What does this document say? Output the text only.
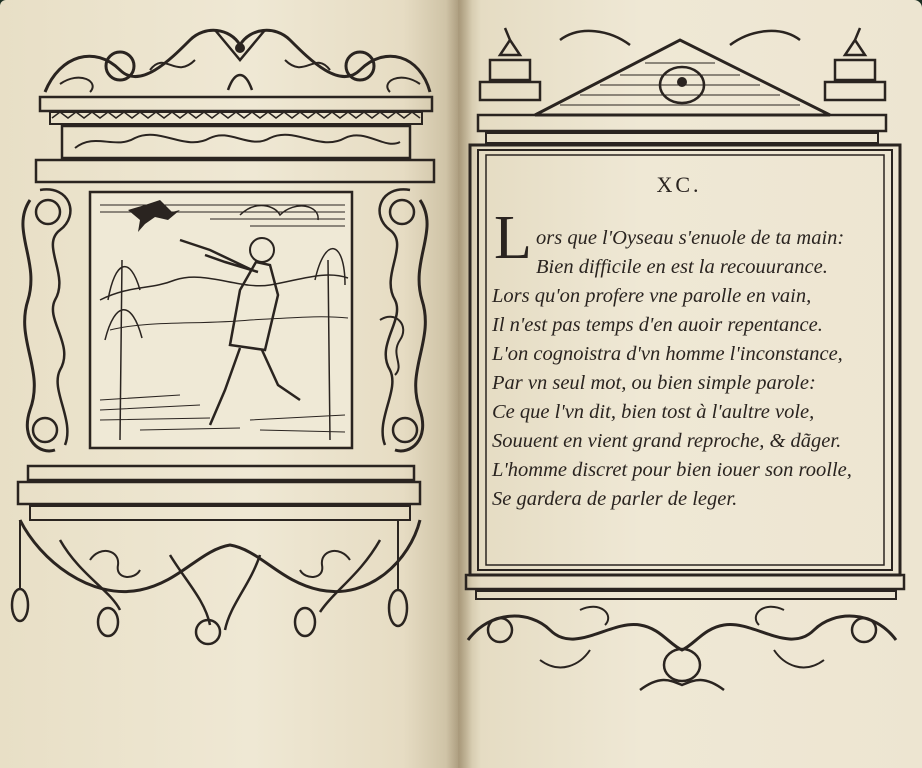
XC.
L ors que l'Oyseau s'enuole de ta main:
Bien difficile en est la recouurance.
Lors qu'on profere vne parolle en vain,
Il n'est pas temps d'en auoir repentance.
L'on cognoistra d'vn homme l'inconstance,
Par vn seul mot, ou bien simple parole:
Ce que l'vn dit, bien tost à l'aultre vole,
Souuent en vient grand reproche, & dãger.
L'homme discret pour bien iouer son roolle,
Se gardera de parler de leger.
